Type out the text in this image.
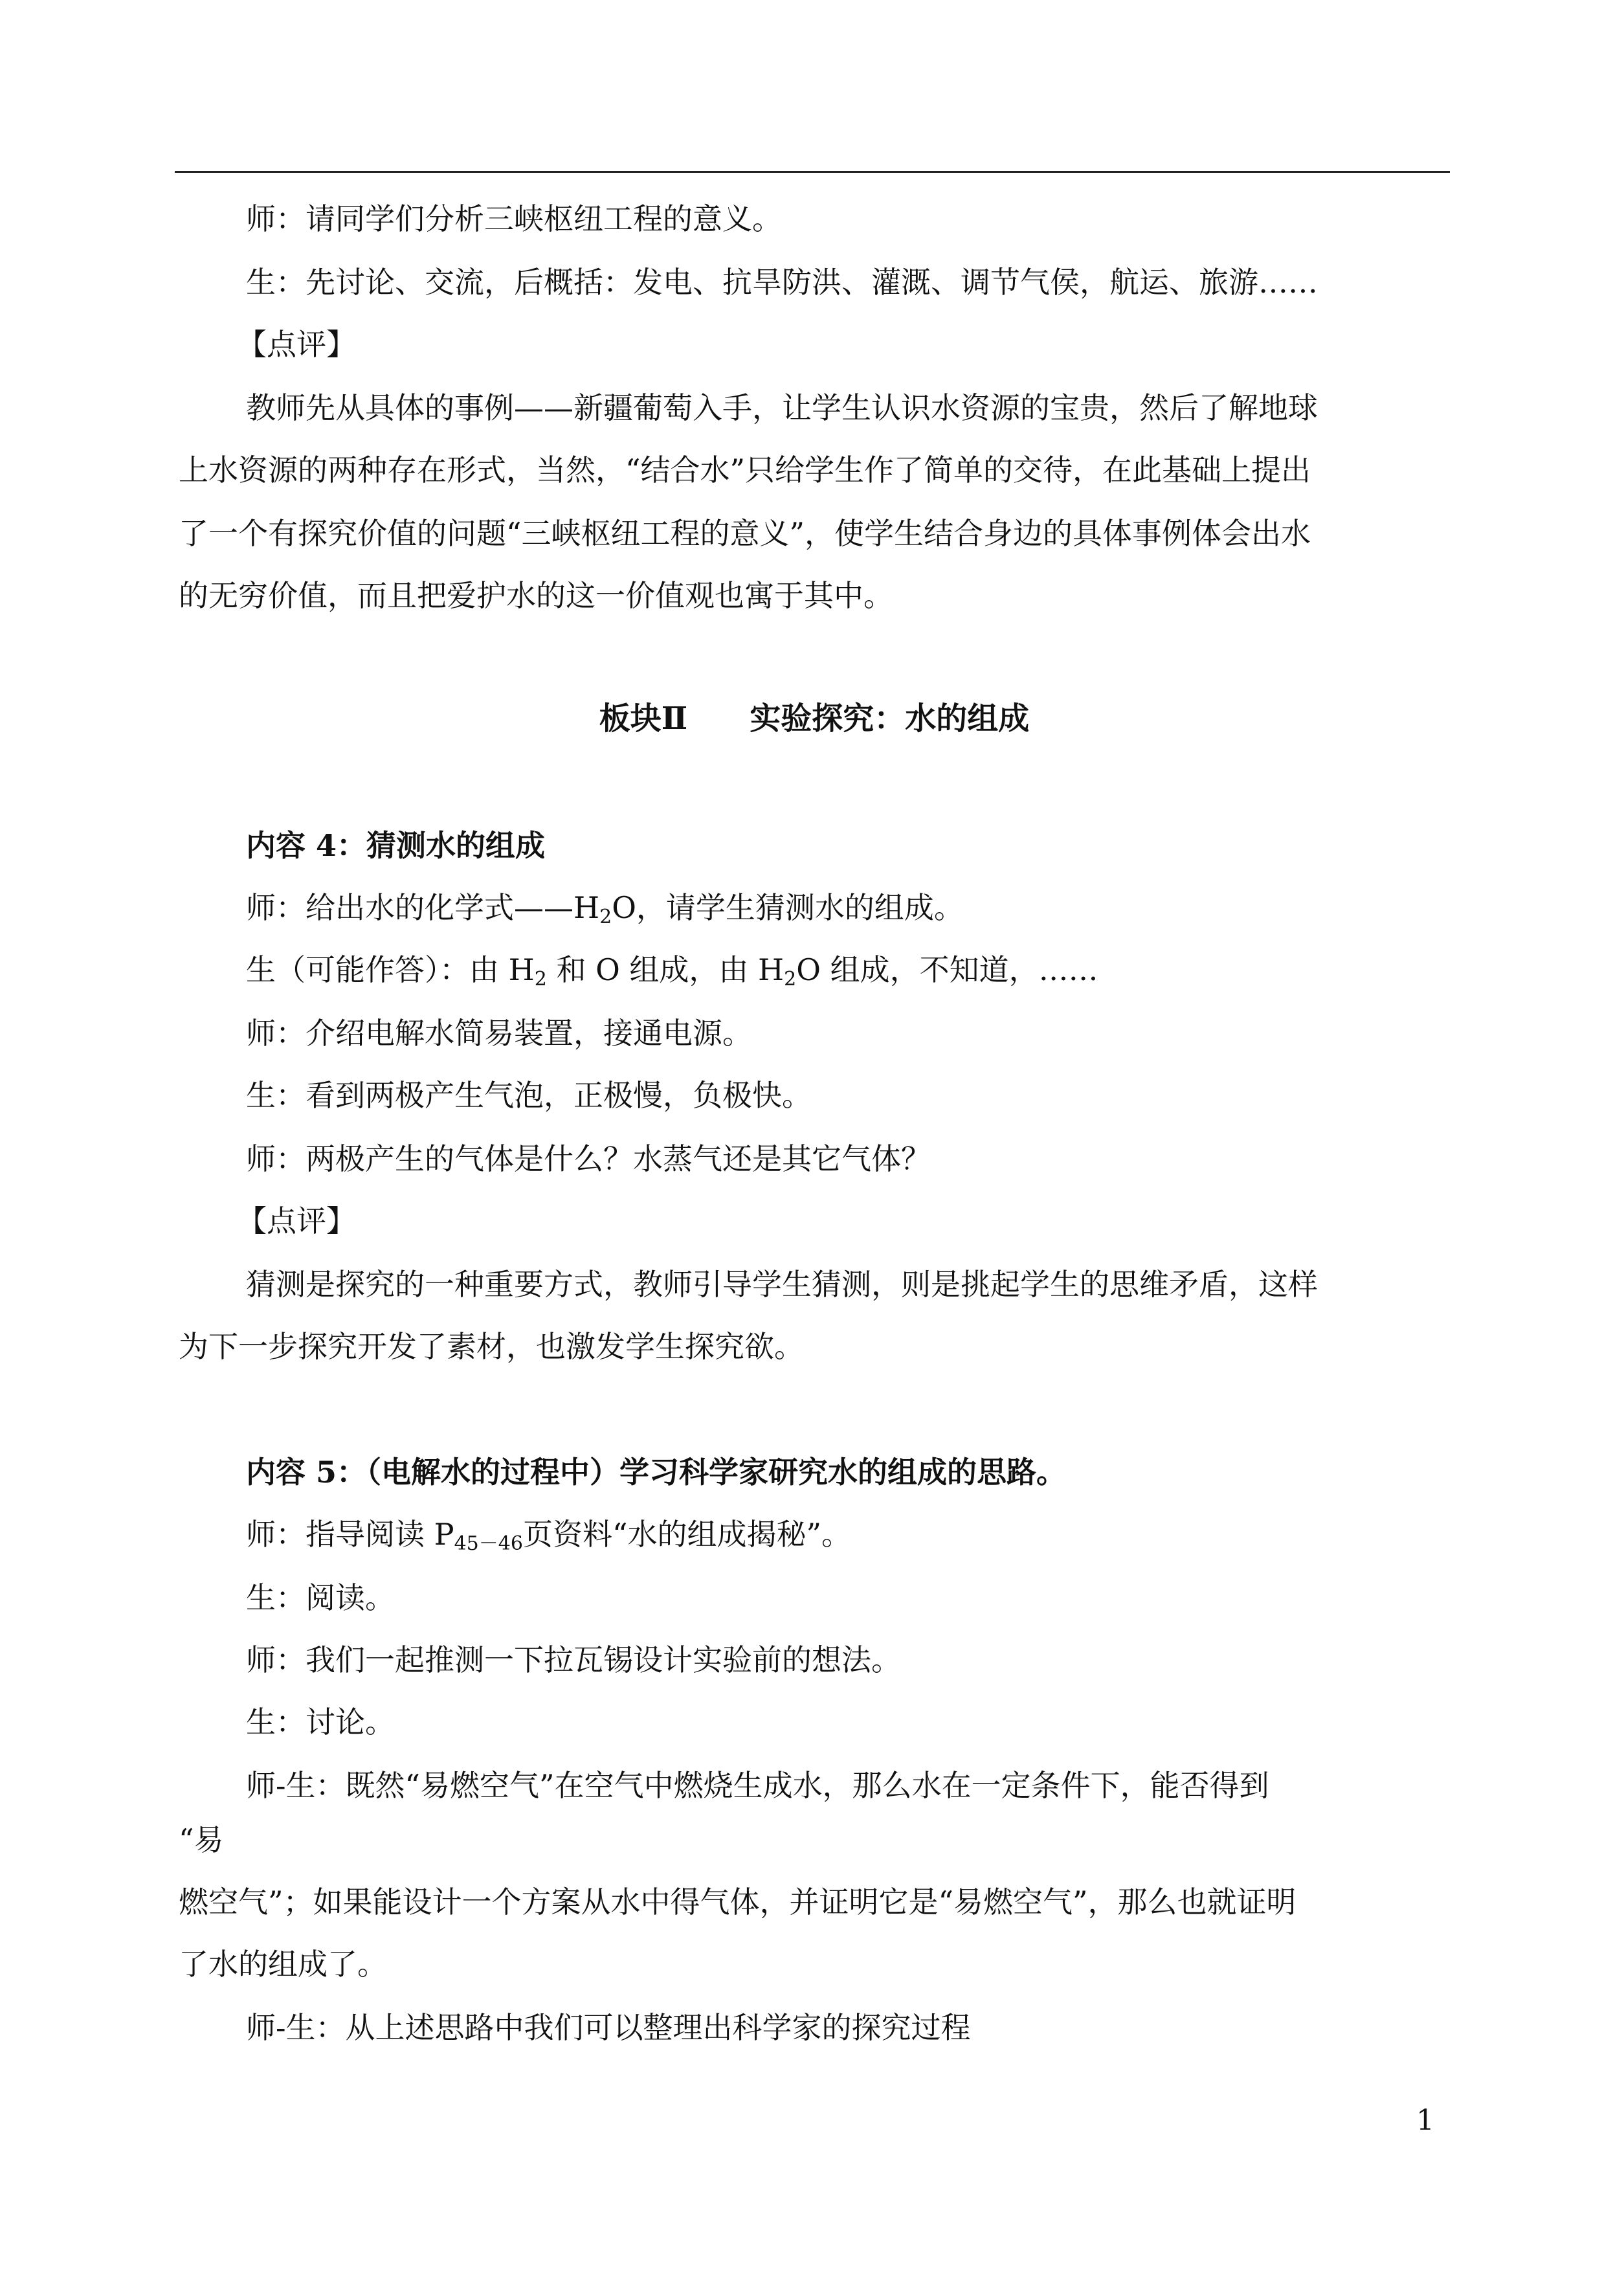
师：请同学们分析三峡枢纽工程的意义。
生：先讨论、交流，后概括：发电、抗旱防洪、灌溉、调节气侯，航运、旅游……
【点评】
教师先从具体的事例——新疆葡萄入手，让学生认识水资源的宝贵，然后了解地球
上水资源的两种存在形式，当然，“结合水”只给学生作了简单的交待，在此基础上提出
了一个有探究价值的问题“三峡枢纽工程的意义”，使学生结合身边的具体事例体会出水
的无穷价值，而且把爱护水的这一价值观也寓于其中。
板块Ⅱ　　实验探究：水的组成
内容 4：猜测水的组成
师：给出水的化学式$——H_2O$，请学生猜测水的组成。
生（可能作答）：由 $H_2$ 和 O 组成，由 $H_2O$ 组成，不知道，……
师：介绍电解水简易装置，接通电源。
生：看到两极产生气泡，正极慢，负极快。
师：两极产生的气体是什么？水蒸气还是其它气体？
【点评】
猜测是探究的一种重要方式，教师引导学生猜测，则是挑起学生的思维矛盾，这样
为下一步探究开发了素材，也激发学生探究欲。
内容 5：（电解水的过程中）学习科学家研究水的组成的思路。
师：指导阅读 $P_{45-46}$页资料“水的组成揭秘”。
生：阅读。
师：我们一起推测一下拉瓦锡设计实验前的想法。
生：讨论。
师-生：既然“易燃空气”在空气中燃烧生成水，那么水在一定条件下，能否得到
“易
燃空气”；如果能设计一个方案从水中得气体，并证明它是“易燃空气”，那么也就证明
了水的组成了。
师-生：从上述思路中我们可以整理出科学家的探究过程
1
